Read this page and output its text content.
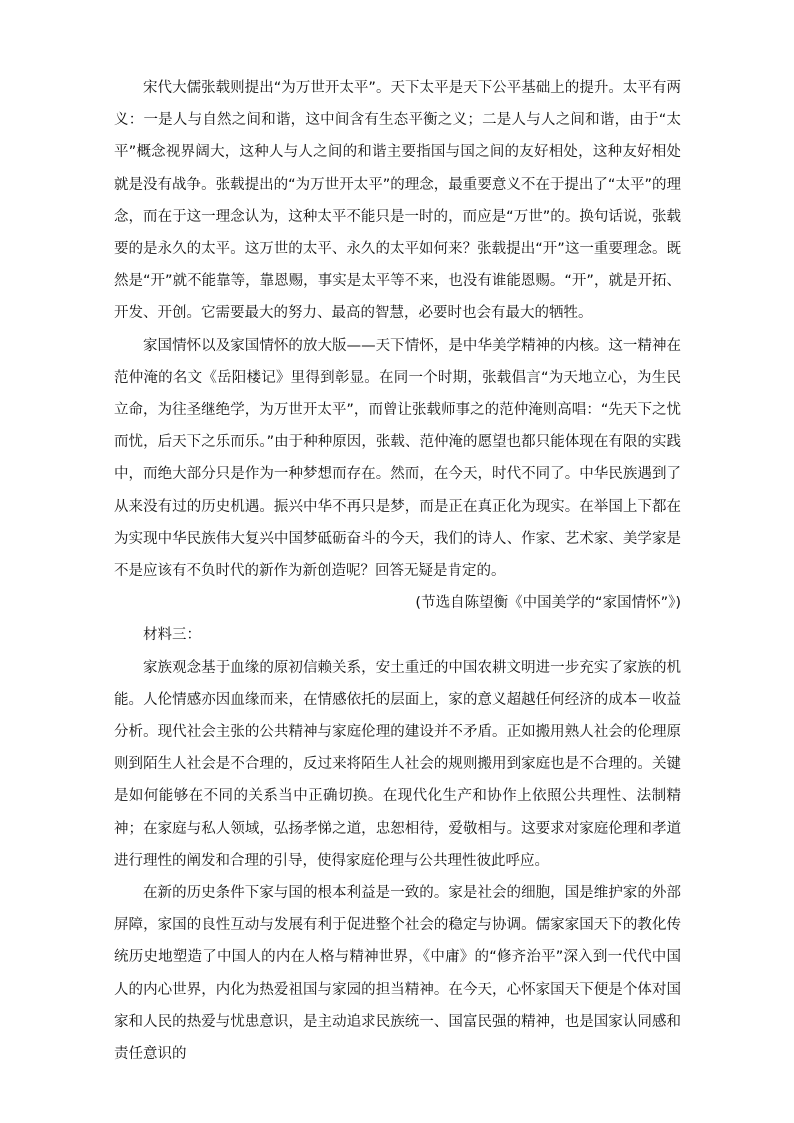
宋代大儒张载则提出“为万世开太平”。天下太平是天下公平基础上的提升。太平有两义：一是人与自然之间和谐，这中间含有生态平衡之义；二是人与人之间和谐，由于“太平”概念视界阔大，这种人与人之间的和谐主要指国与国之间的友好相处，这种友好相处就是没有战争。张载提出的“为万世开太平”的理念，最重要意义不在于提出了“太平”的理念，而在于这一理念认为，这种太平不能只是一时的，而应是“万世”的。换句话说，张载要的是永久的太平。这万世的太平、永久的太平如何来？张载提出“开”这一重要理念。既然是“开”就不能靠等，靠恩赐，事实是太平等不来，也没有谁能恩赐。“开”，就是开拓、开发、开创。它需要最大的努力、最高的智慧，必要时也会有最大的牺牲。

家国情怀以及家国情怀的放大版——天下情怀，是中华美学精神的内核。这一精神在范仲淹的名文《岳阳楼记》里得到彰显。在同一个时期，张载倡言“为天地立心，为生民立命，为往圣继绝学，为万世开太平”，而曾让张载师事之的范仲淹则高唱：“先天下之忧而忧，后天下之乐而乐。”由于种种原因，张载、范仲淹的愿望也都只能体现在有限的实践中，而绝大部分只是作为一种梦想而存在。然而，在今天，时代不同了。中华民族遇到了从来没有过的历史机遇。振兴中华不再只是梦，而是正在真正化为现实。在举国上下都在为实现中华民族伟大复兴中国梦砥砺奋斗的今天，我们的诗人、作家、艺术家、美学家是不是应该有不负时代的新作为新创造呢？回答无疑是肯定的。

(节选自陈望衡《中国美学的“家国情怀”》)

材料三：

家族观念基于血缘的原初信赖关系，安土重迁的中国农耕文明进一步充实了家族的机能。人伦情感亦因血缘而来，在情感依托的层面上，家的意义超越任何经济的成本－收益分析。现代社会主张的公共精神与家庭伦理的建设并不矛盾。正如搬用熟人社会的伦理原则到陌生人社会是不合理的，反过来将陌生人社会的规则搬用到家庭也是不合理的。关键是如何能够在不同的关系当中正确切换。在现代化生产和协作上依照公共理性、法制精神；在家庭与私人领域，弘扬孝悌之道，忠恕相待，爱敬相与。这要求对家庭伦理和孝道进行理性的阐发和合理的引导，使得家庭伦理与公共理性彼此呼应。

在新的历史条件下家与国的根本利益是一致的。家是社会的细胞，国是维护家的外部屏障，家国的良性互动与发展有利于促进整个社会的稳定与协调。儒家家国天下的教化传统历史地塑造了中国人的内在人格与精神世界，《中庸》的“修齐治平”深入到一代代中国人的内心世界，内化为热爱祖国与家园的担当精神。在今天，心怀家国天下便是个体对国家和人民的热爱与忧患意识，是主动追求民族统一、国富民强的精神，也是国家认同感和责任意识的
